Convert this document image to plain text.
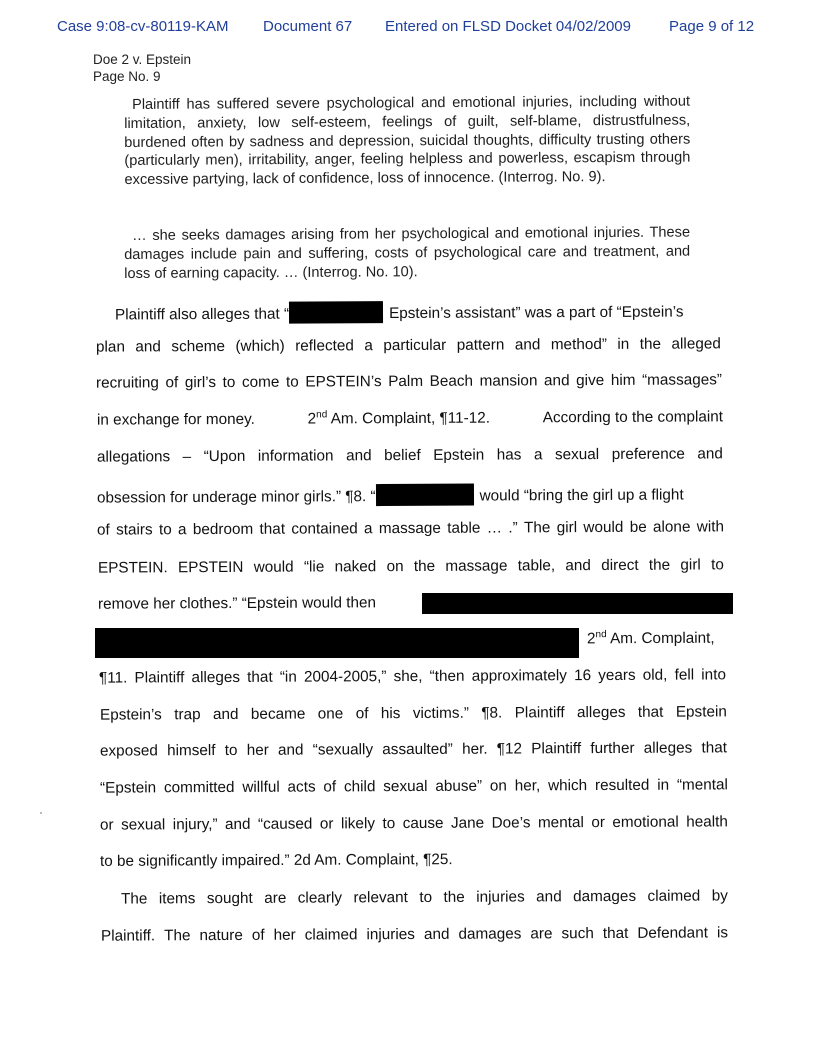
Case 9:08-cv-80119-KAM Document 67 Entered on FLSD Docket 04/02/2009	Page 9 of 12
Doe 2 v. Epstein
Page No. 9
Plaintiff has suffered severe psychological and emotional injuries, including without limitation, anxiety, low self-esteem, feelings of guilt, self-blame, distrustfulness, burdened often by sadness and depression, suicidal thoughts, difficulty trusting others (particularly men), irritability, anger, feeling helpless and powerless, escapism through excessive partying, lack of confidence, loss of innocence. (Interrog. No. 9).
… she seeks damages arising from her psychological and emotional injuries. These damages include pain and suffering, costs of psychological care and treatment, and loss of earning capacity. … (Interrog. No. 10).
Plaintiff also alleges that “	Epstein’s assistant” was a part of “Epstein’s
plan and scheme (which) reflected a particular pattern and method” in the alleged
recruiting of girl’s to come to EPSTEIN’s Palm Beach mansion and give him “massages”
in exchange for money.	2nd Am. Complaint, ¶11-12.	According to the complaint
allegations – “Upon information and belief Epstein has a sexual preference and
obsession for underage minor girls.” ¶8. “	would “bring the girl up a flight
of stairs to a bedroom that contained a massage table … .” The girl would be alone with
EPSTEIN. EPSTEIN would “lie naked on the massage table, and direct the girl to
remove her clothes.” “Epstein would then
2nd Am. Complaint,
¶11. Plaintiff alleges that “in 2004-2005,” she, “then approximately 16 years old, fell into
Epstein’s trap and became one of his victims.” ¶8. Plaintiff alleges that Epstein
exposed himself to her and “sexually assaulted” her. ¶12 Plaintiff further alleges that
“Epstein committed willful acts of child sexual abuse” on her, which resulted in “mental
or sexual injury,” and “caused or likely to cause Jane Doe’s mental or emotional health
to be significantly impaired.” 2d Am. Complaint, ¶25.
The items sought are clearly relevant to the injuries and damages claimed by
Plaintiff. The nature of her claimed injuries and damages are such that Defendant is
